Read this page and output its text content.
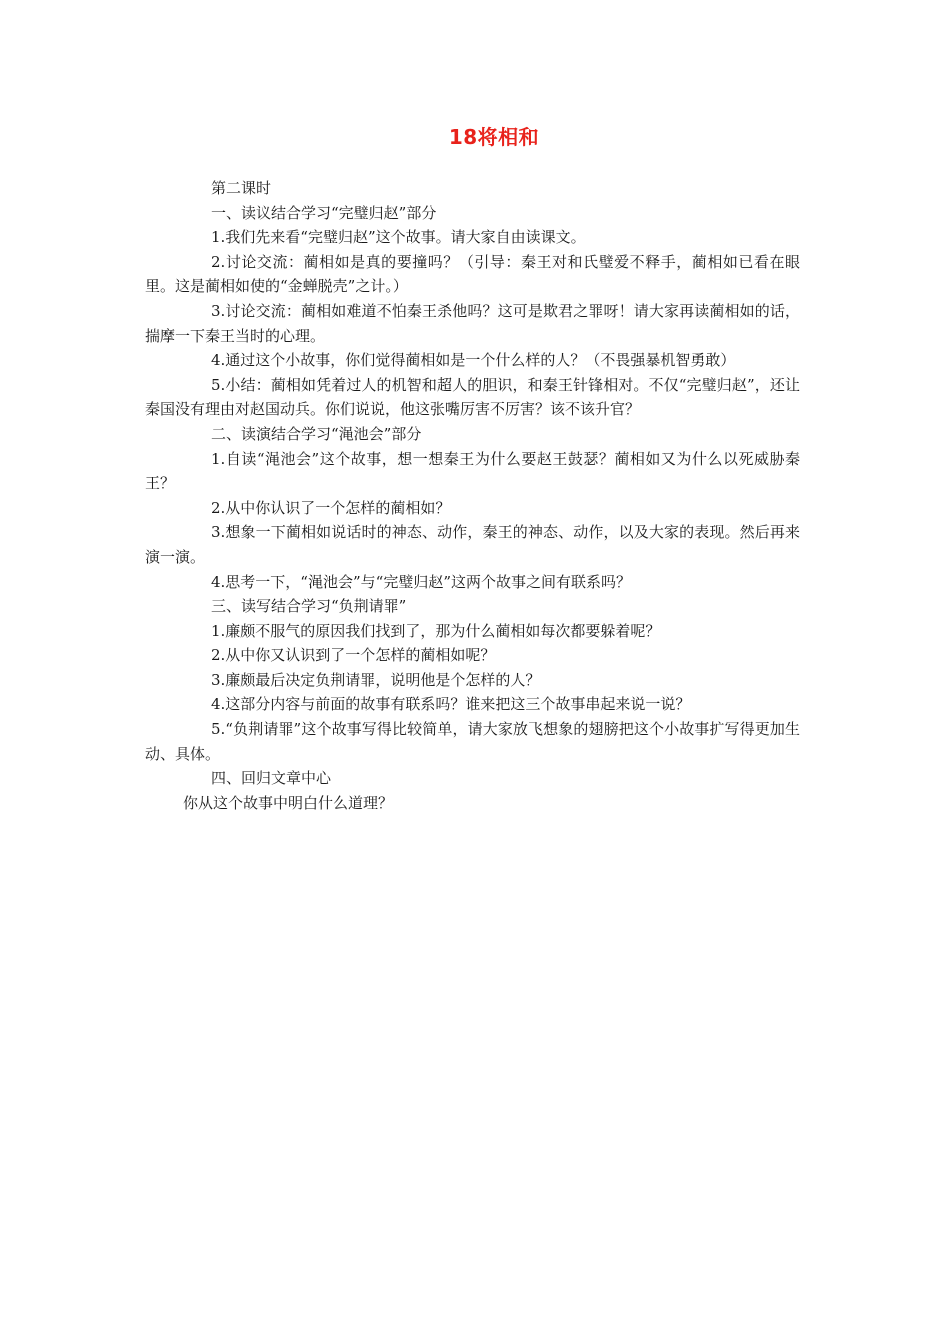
18将相和

第二课时

一、读议结合学习“完璧归赵”部分

1.我们先来看“完璧归赵”这个故事。请大家自由读课文。

2.讨论交流：蔺相如是真的要撞吗？（引导：秦王对和氏璧爱不释手，蔺相如已看在眼里。这是蔺相如使的“金蝉脱壳”之计。）

3.讨论交流：蔺相如难道不怕秦王杀他吗？这可是欺君之罪呀！请大家再读蔺相如的话，揣摩一下秦王当时的心理。

4.通过这个小故事，你们觉得蔺相如是一个什么样的人？（不畏强暴机智勇敢）

5.小结：蔺相如凭着过人的机智和超人的胆识，和秦王针锋相对。不仅“完璧归赵”，还让秦国没有理由对赵国动兵。你们说说，他这张嘴厉害不厉害？该不该升官？

二、读演结合学习“渑池会”部分

1.自读“渑池会”这个故事，想一想秦王为什么要赵王鼓瑟？蔺相如又为什么以死威胁秦王？

2.从中你认识了一个怎样的蔺相如？

3.想象一下蔺相如说话时的神态、动作，秦王的神态、动作，以及大家的表现。然后再来演一演。

4.思考一下，“渑池会”与“完璧归赵”这两个故事之间有联系吗？

三、读写结合学习“负荆请罪”

1.廉颇不服气的原因我们找到了，那为什么蔺相如每次都要躲着呢？

2.从中你又认识到了一个怎样的蔺相如呢？

3.廉颇最后决定负荆请罪，说明他是个怎样的人？

4.这部分内容与前面的故事有联系吗？谁来把这三个故事串起来说一说？

5.“负荆请罪”这个故事写得比较简单，请大家放飞想象的翅膀把这个小故事扩写得更加生动、具体。

四、回归文章中心

你从这个故事中明白什么道理？
